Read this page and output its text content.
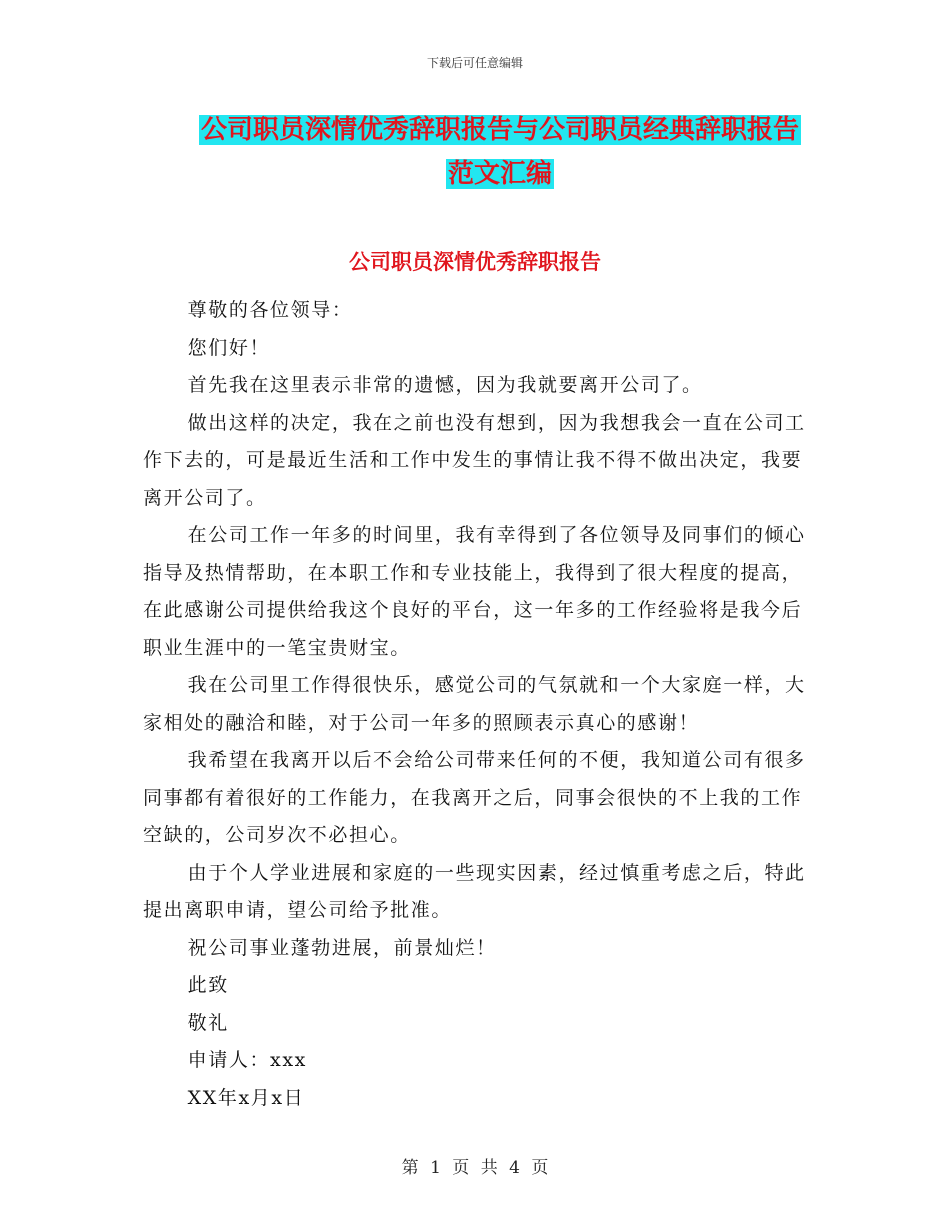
下载后可任意编辑
公司职员深情优秀辞职报告与公司职员经典辞职报告
范文汇编
公司职员深情优秀辞职报告

尊敬的各位领导：

您们好！

首先我在这里表示非常的遗憾，因为我就要离开公司了。

做出这样的决定，我在之前也没有想到，因为我想我会一直在公司工作下去的，可是最近生活和工作中发生的事情让我不得不做出决定，我要离开公司了。

在公司工作一年多的时间里，我有幸得到了各位领导及同事们的倾心指导及热情帮助，在本职工作和专业技能上，我得到了很大程度的提高，在此感谢公司提供给我这个良好的平台，这一年多的工作经验将是我今后职业生涯中的一笔宝贵财宝。

我在公司里工作得很快乐，感觉公司的气氛就和一个大家庭一样，大家相处的融洽和睦，对于公司一年多的照顾表示真心的感谢！

我希望在我离开以后不会给公司带来任何的不便，我知道公司有很多同事都有着很好的工作能力，在我离开之后，同事会很快的不上我的工作空缺的，公司岁次不必担心。

由于个人学业进展和家庭的一些现实因素，经过慎重考虑之后，特此提出离职申请，望公司给予批准。

祝公司事业蓬勃进展，前景灿烂！

此致

敬礼

申请人：xxx

XX年x月x日

第 1 页 共 4 页
